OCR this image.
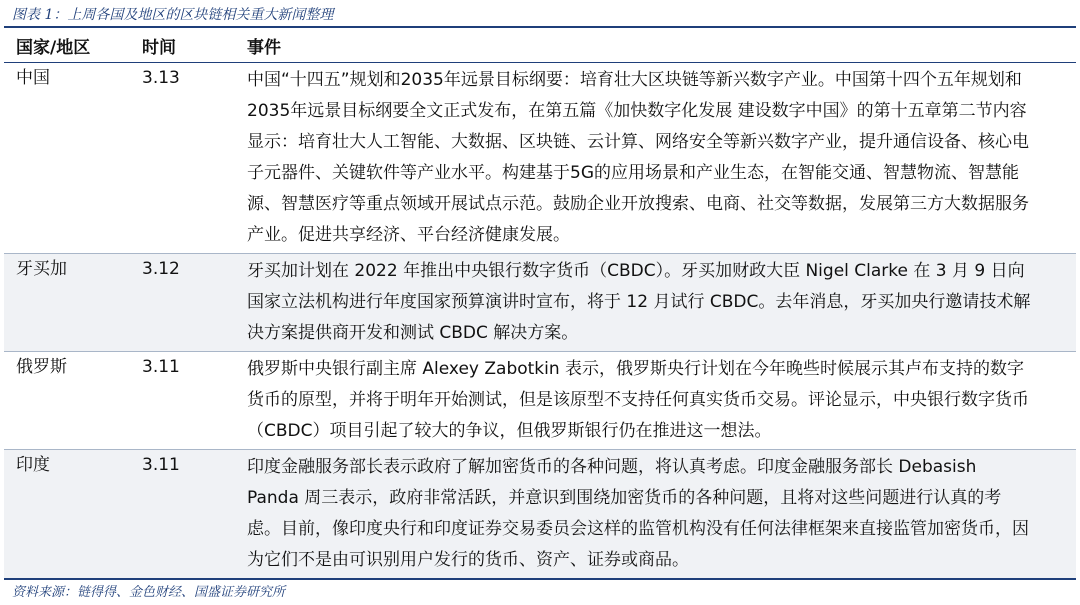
图表 1：上周各国及地区的区块链相关重大新闻整理
国家/地区	时间	事件
中国	3.13	中国“十四五”规划和2035年远景目标纲要：培育壮大区块链等新兴数字产业。中国第十四个五年规划和2035年远景目标纲要全文正式发布，在第五篇《加快数字化发展 建设数字中国》的第十五章第二节内容显示：培育壮大人工智能、大数据、区块链、云计算、网络安全等新兴数字产业，提升通信设备、核心电子元器件、关键软件等产业水平。构建基于5G的应用场景和产业生态，在智能交通、智慧物流、智慧能源、智慧医疗等重点领域开展试点示范。鼓励企业开放搜索、电商、社交等数据，发展第三方大数据服务产业。促进共享经济、平台经济健康发展。
牙买加	3.12	牙买加计划在 2022 年推出中央银行数字货币（CBDC）。牙买加财政大臣 Nigel Clarke 在 3 月 9 日向国家立法机构进行年度国家预算演讲时宣布，将于 12 月试行 CBDC。去年消息，牙买加央行邀请技术解决方案提供商开发和测试 CBDC 解决方案。
俄罗斯	3.11	俄罗斯中央银行副主席 Alexey Zabotkin 表示，俄罗斯央行计划在今年晚些时候展示其卢布支持的数字货币的原型，并将于明年开始测试，但是该原型不支持任何真实货币交易。评论显示，中央银行数字货币（CBDC）项目引起了较大的争议，但俄罗斯银行仍在推进这一想法。
印度	3.11	印度金融服务部长表示政府了解加密货币的各种问题，将认真考虑。印度金融服务部长 Debasish Panda 周三表示，政府非常活跃，并意识到围绕加密货币的各种问题，且将对这些问题进行认真的考虑。目前，像印度央行和印度证券交易委员会这样的监管机构没有任何法律框架来直接监管加密货币，因为它们不是由可识别用户发行的货币、资产、证券或商品。
资料来源：链得得、金色财经、国盛证券研究所
